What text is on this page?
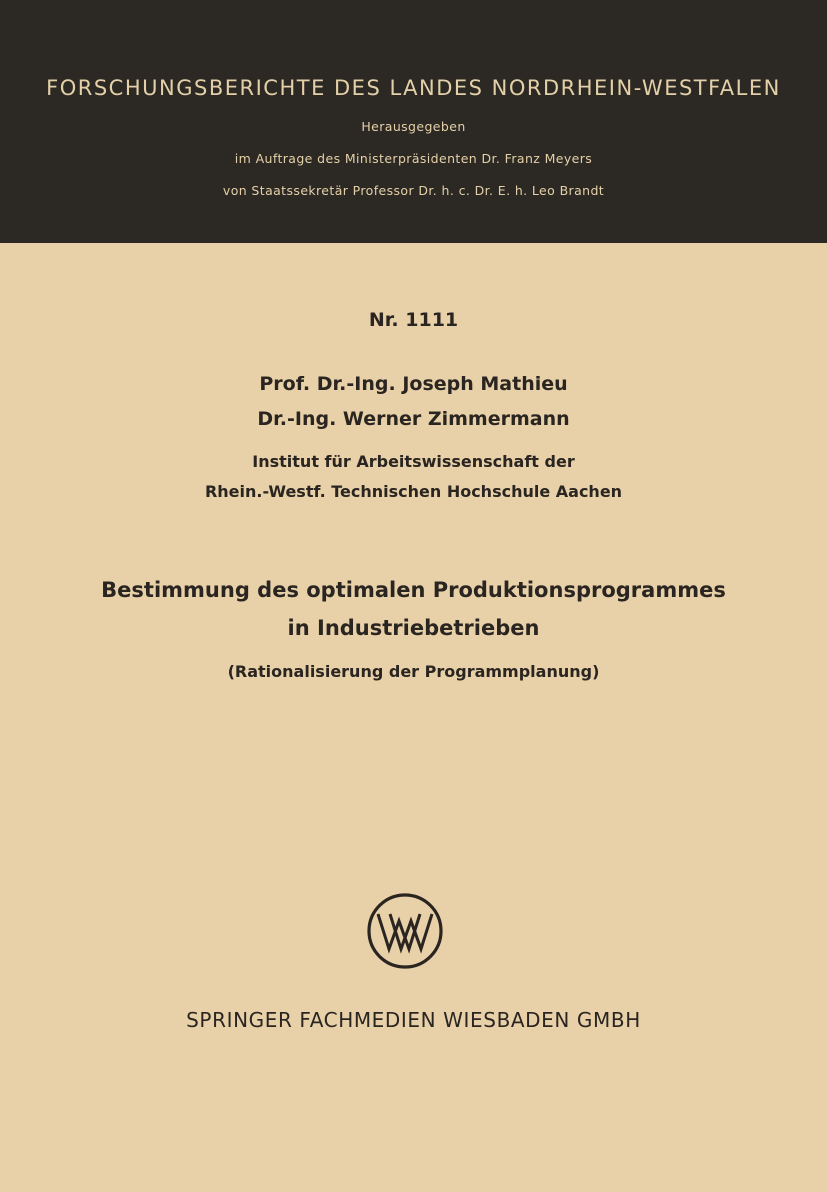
FORSCHUNGSBERICHTE DES LANDES NORDRHEIN-WESTFALEN
Herausgegeben
im Auftrage des Ministerpräsidenten Dr. Franz Meyers
von Staatssekretär Professor Dr. h. c. Dr. E. h. Leo Brandt
Nr. 1111
Prof. Dr.-Ing. Joseph Mathieu
Dr.-Ing. Werner Zimmermann
Institut für Arbeitswissenschaft der
Rhein.-Westf. Technischen Hochschule Aachen
Bestimmung des optimalen Produktionsprogrammes
in Industriebetrieben
(Rationalisierung der Programmplanung)
SPRINGER FACHMEDIEN WIESBADEN GMBH
